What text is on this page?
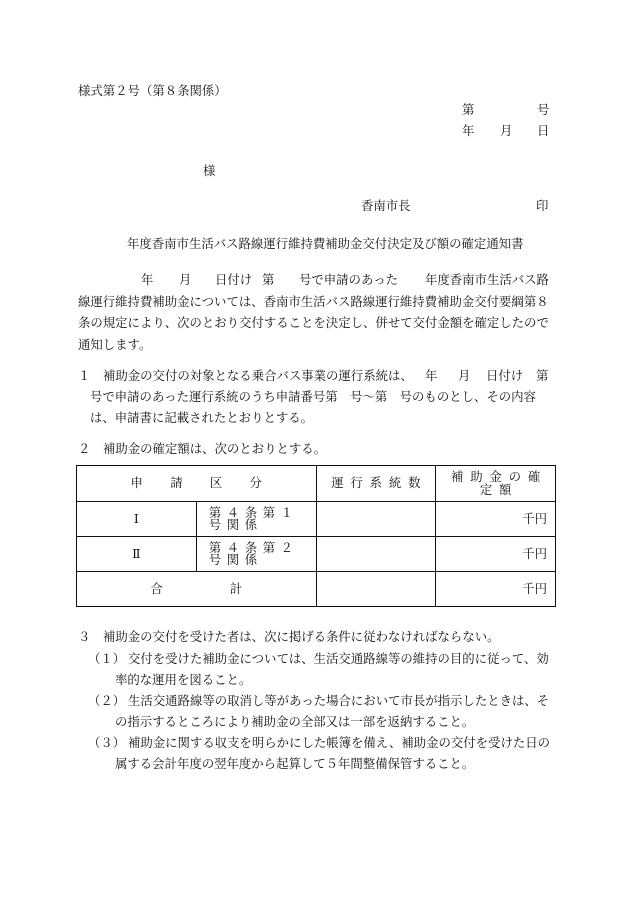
様式第２号（第８条関係）
第	号
年 月 日
様
香南市長	印
年度香南市生活バス路線運行維持費補助金交付決定及び額の確定通知書
年 月 日付け 第 号で申請のあった 年度香南市生活バス路
線運行維持費補助金については、香南市生活バス路線運行維持費補助金交付要綱第８
条の規定により、次のとおり交付することを決定し、併せて交付金額を確定したので
通知します。
１ 補助金の交付の対象となる乗合バス事業の運行系統は、 年 月 日付け 第
号で申請のあった運行系統のうち申請番号第　号～第　号のものとし、その内容
は、申請書に記載されたとおりとする。
２ 補助金の確定額は、次のとおりとする。
申請区分		運行系統数	補助金の確定額

Ⅰ	第４条第１号関係		千円
Ⅱ	第４条第２号関係		千円

合計			千円
３ 補助金の交付を受けた者は、次に掲げる条件に従わなければならない。
（１） 交付を受けた補助金については、生活交通路線等の維持の目的に従って、効
率的な運用を図ること。
（２） 生活交通路線等の取消し等があった場合において市長が指示したときは、そ
の指示するところにより補助金の全部又は一部を返納すること。
（３） 補助金に関する収支を明らかにした帳簿を備え、補助金の交付を受けた日の
属する会計年度の翌年度から起算して５年間整備保管すること。
